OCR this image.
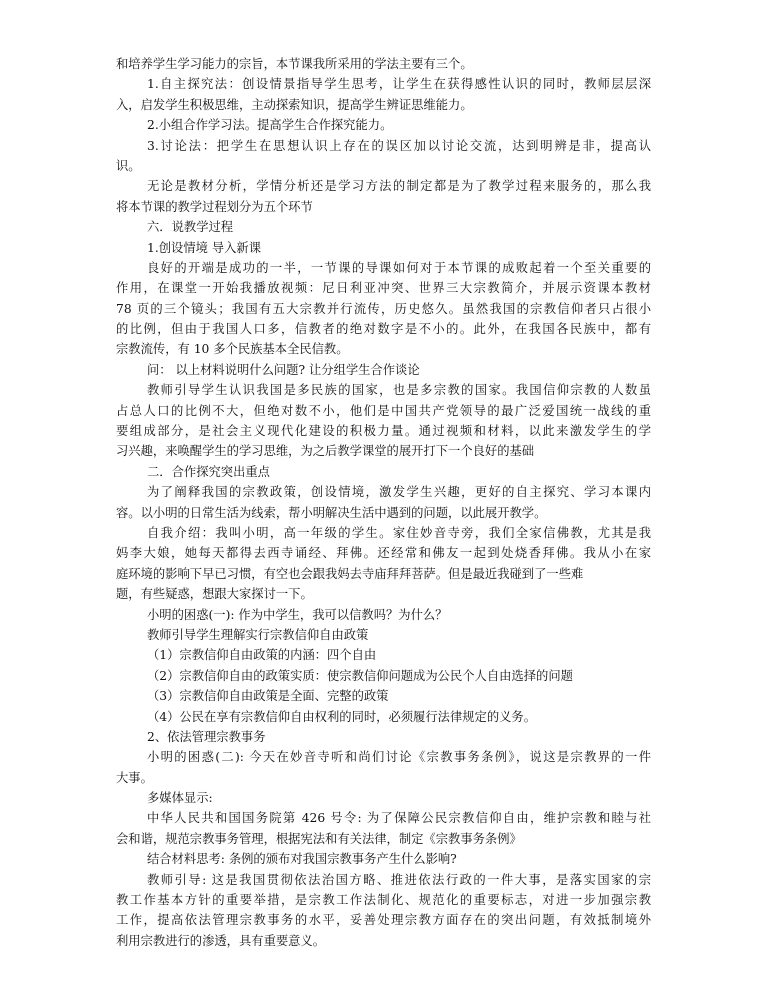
和培养学生学习能力的宗旨，本节课我所采用的学法主要有三个。

1.自主探究法：创设情景指导学生思考，让学生在获得感性认识的同时，教师层层深

入，启发学生积极思维，主动探索知识，提高学生辨证思维能力。

2.小组合作学习法。提高学生合作探究能力。

3.讨论法：把学生在思想认识上存在的误区加以讨论交流，达到明辨是非，提高认

识。

无论是教材分析，学情分析还是学习方法的制定都是为了教学过程来服务的，那么我

将本节课的教学过程划分为五个环节

六．说教学过程

1.创设情境 导入新课

良好的开端是成功的一半，一节课的导课如何对于本节课的成败起着一个至关重要的

作用，在课堂一开始我播放视频：尼日利亚冲突、世界三大宗教简介，并展示资课本教材

78 页的三个镜头；我国有五大宗教并行流传，历史悠久。虽然我国的宗教信仰者只占很小

的比例，但由于我国人口多，信教者的绝对数字是不小的。此外，在我国各民族中，都有

宗教流传，有 10 多个民族基本全民信教。

问： 以上材料说明什么问题? 让分组学生合作谈论

教师引导学生认识我国是多民族的国家，也是多宗教的国家。我国信仰宗教的人数虽

占总人口的比例不大，但绝对数不小，他们是中国共产党领导的最广泛爱国统一战线的重

要组成部分，是社会主义现代化建设的积极力量。通过视频和材料，以此来激发学生的学

习兴趣，来唤醒学生的学习思维，为之后教学课堂的展开打下一个良好的基础

二．合作探究突出重点

为了阐释我国的宗教政策，创设情境，激发学生兴趣，更好的自主探究、学习本课内

容。以小明的日常生活为线索，帮小明解决生活中遇到的问题，以此展开教学。

自我介绍：我叫小明，高一年级的学生。家住妙音寺旁，我们全家信佛教，尤其是我

妈李大娘，她每天都得去西寺诵经、拜佛。还经常和佛友一起到处烧香拜佛。我从小在家

庭环境的影响下早已习惯，有空也会跟我妈去寺庙拜拜菩萨。但是最近我碰到了一些难

题，有些疑惑，想跟大家探讨一下。

小明的困惑(一): 作为中学生，我可以信教吗？为什么？

教师引导学生理解实行宗教信仰自由政策

（1）宗教信仰自由政策的内涵：四个自由

（2）宗教信仰自由的政策实质：使宗教信仰问题成为公民个人自由选择的问题

（3）宗教信仰自由政策是全面、完整的政策

（4）公民在享有宗教信仰自由权利的同时，必须履行法律规定的义务。

2、依法管理宗教事务

小明的困惑(二): 今天在妙音寺听和尚们讨论《宗教事务条例》，说这是宗教界的一件

大事。

多媒体显示:

中华人民共和国国务院第 426 号令: 为了保障公民宗教信仰自由，维护宗教和睦与社

会和谐，规范宗教事务管理，根据宪法和有关法律，制定《宗教事务条例》

结合材料思考: 条例的颁布对我国宗教事务产生什么影响?

教师引导: 这是我国贯彻依法治国方略、推进依法行政的一件大事，是落实国家的宗

教工作基本方针的重要举措，是宗教工作法制化、规范化的重要标志，对进一步加强宗教

工作，提高依法管理宗教事务的水平，妥善处理宗教方面存在的突出问题，有效抵制境外

利用宗教进行的渗透，具有重要意义。
